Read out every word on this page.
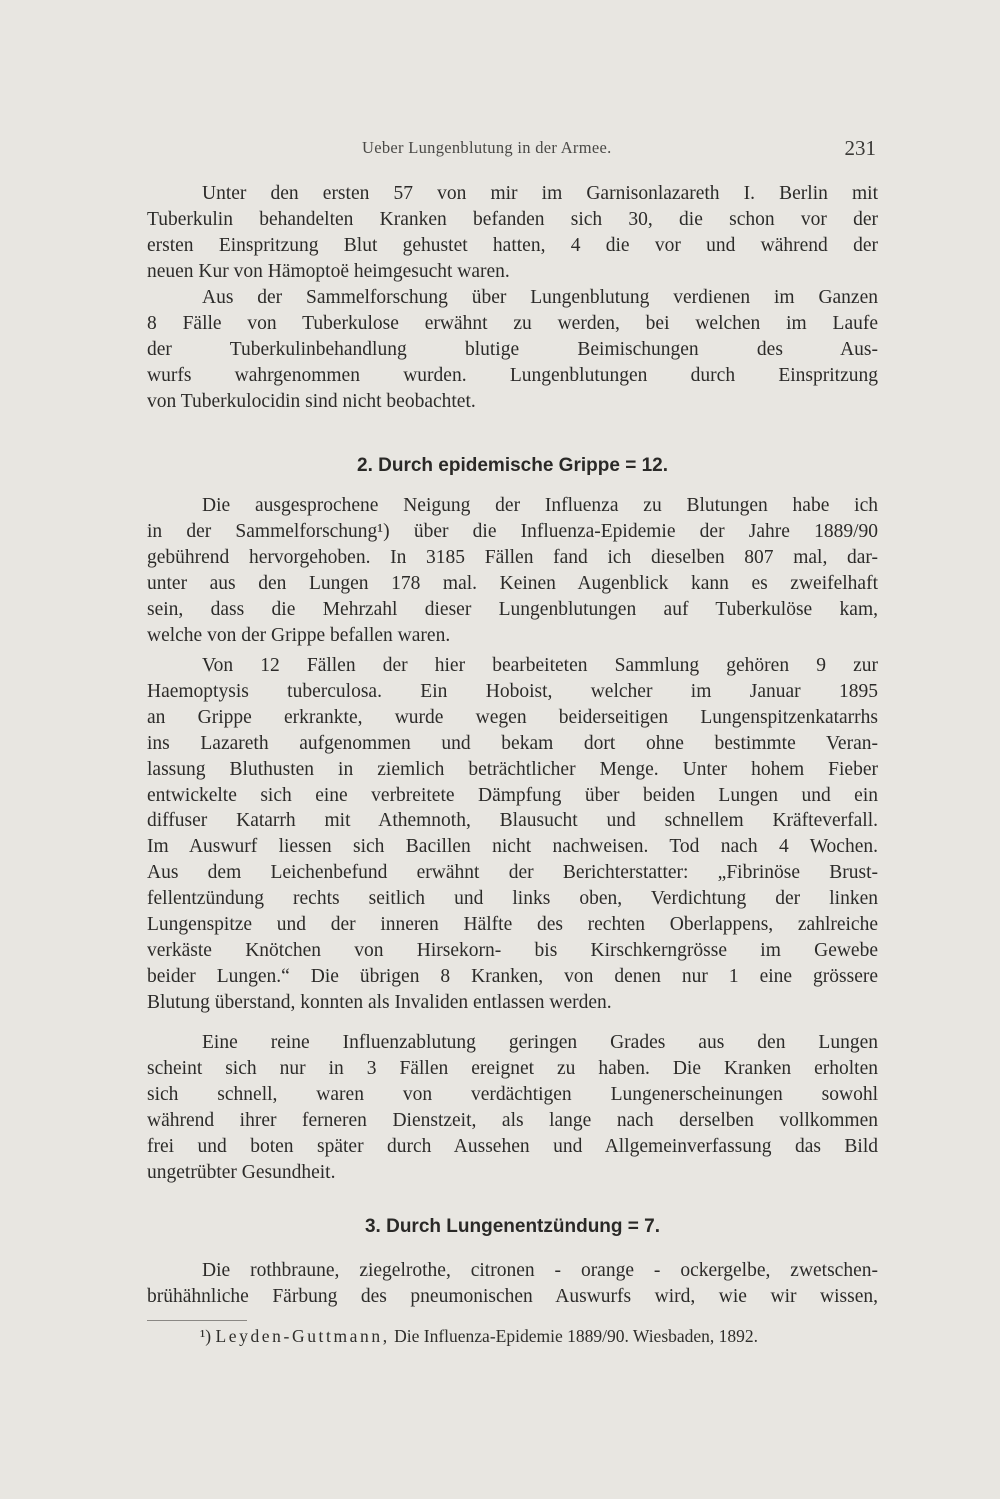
Ueber Lungenblutung in der Armee.	231
Unter den ersten 57 von mir im Garnisonlazareth I. Berlin mit
Tuberkulin behandelten Kranken befanden sich 30, die schon vor der
ersten Einspritzung Blut gehustet hatten, 4 die vor und während der
neuen Kur von Hämoptoë heimgesucht waren.
Aus der Sammelforschung über Lungenblutung verdienen im Ganzen
8 Fälle von Tuberkulose erwähnt zu werden, bei welchen im Laufe
der Tuberkulinbehandlung blutige Beimischungen des Aus-
wurfs wahrgenommen wurden. Lungenblutungen durch Einspritzung
von Tuberkulocidin sind nicht beobachtet.
2. Durch epidemische Grippe = 12.
Die ausgesprochene Neigung der Influenza zu Blutungen habe ich
in der Sammelforschung¹) über die Influenza-Epidemie der Jahre 1889/90
gebührend hervorgehoben. In 3185 Fällen fand ich dieselben 807 mal, dar-
unter aus den Lungen 178 mal. Keinen Augenblick kann es zweifelhaft
sein, dass die Mehrzahl dieser Lungenblutungen auf Tuberkulöse kam,
welche von der Grippe befallen waren.
Von 12 Fällen der hier bearbeiteten Sammlung gehören 9 zur
Haemoptysis tuberculosa. Ein Hoboist, welcher im Januar 1895
an Grippe erkrankte, wurde wegen beiderseitigen Lungenspitzenkatarrhs
ins Lazareth aufgenommen und bekam dort ohne bestimmte Veran-
lassung Bluthusten in ziemlich beträchtlicher Menge. Unter hohem Fieber
entwickelte sich eine verbreitete Dämpfung über beiden Lungen und ein
diffuser Katarrh mit Athemnoth, Blausucht und schnellem Kräfteverfall.
Im Auswurf liessen sich Bacillen nicht nachweisen. Tod nach 4 Wochen.
Aus dem Leichenbefund erwähnt der Berichterstatter: „Fibrinöse Brust-
fellentzündung rechts seitlich und links oben, Verdichtung der linken
Lungenspitze und der inneren Hälfte des rechten Oberlappens, zahlreiche
verkäste Knötchen von Hirsekorn- bis Kirschkerngrösse im Gewebe
beider Lungen.“ Die übrigen 8 Kranken, von denen nur 1 eine grössere
Blutung überstand, konnten als Invaliden entlassen werden.
Eine reine Influenzablutung geringen Grades aus den Lungen
scheint sich nur in 3 Fällen ereignet zu haben. Die Kranken erholten
sich schnell, waren von verdächtigen Lungenerscheinungen sowohl
während ihrer ferneren Dienstzeit, als lange nach derselben vollkommen
frei und boten später durch Aussehen und Allgemeinverfassung das Bild
ungetrübter Gesundheit.
3. Durch Lungenentzündung = 7.
Die rothbraune, ziegelrothe, citronen - orange - ockergelbe, zwetschen-
brühähnliche Färbung des pneumonischen Auswurfs wird, wie wir wissen,
¹) Leyden-Guttmann, Die Influenza-Epidemie 1889/90. Wiesbaden, 1892.
